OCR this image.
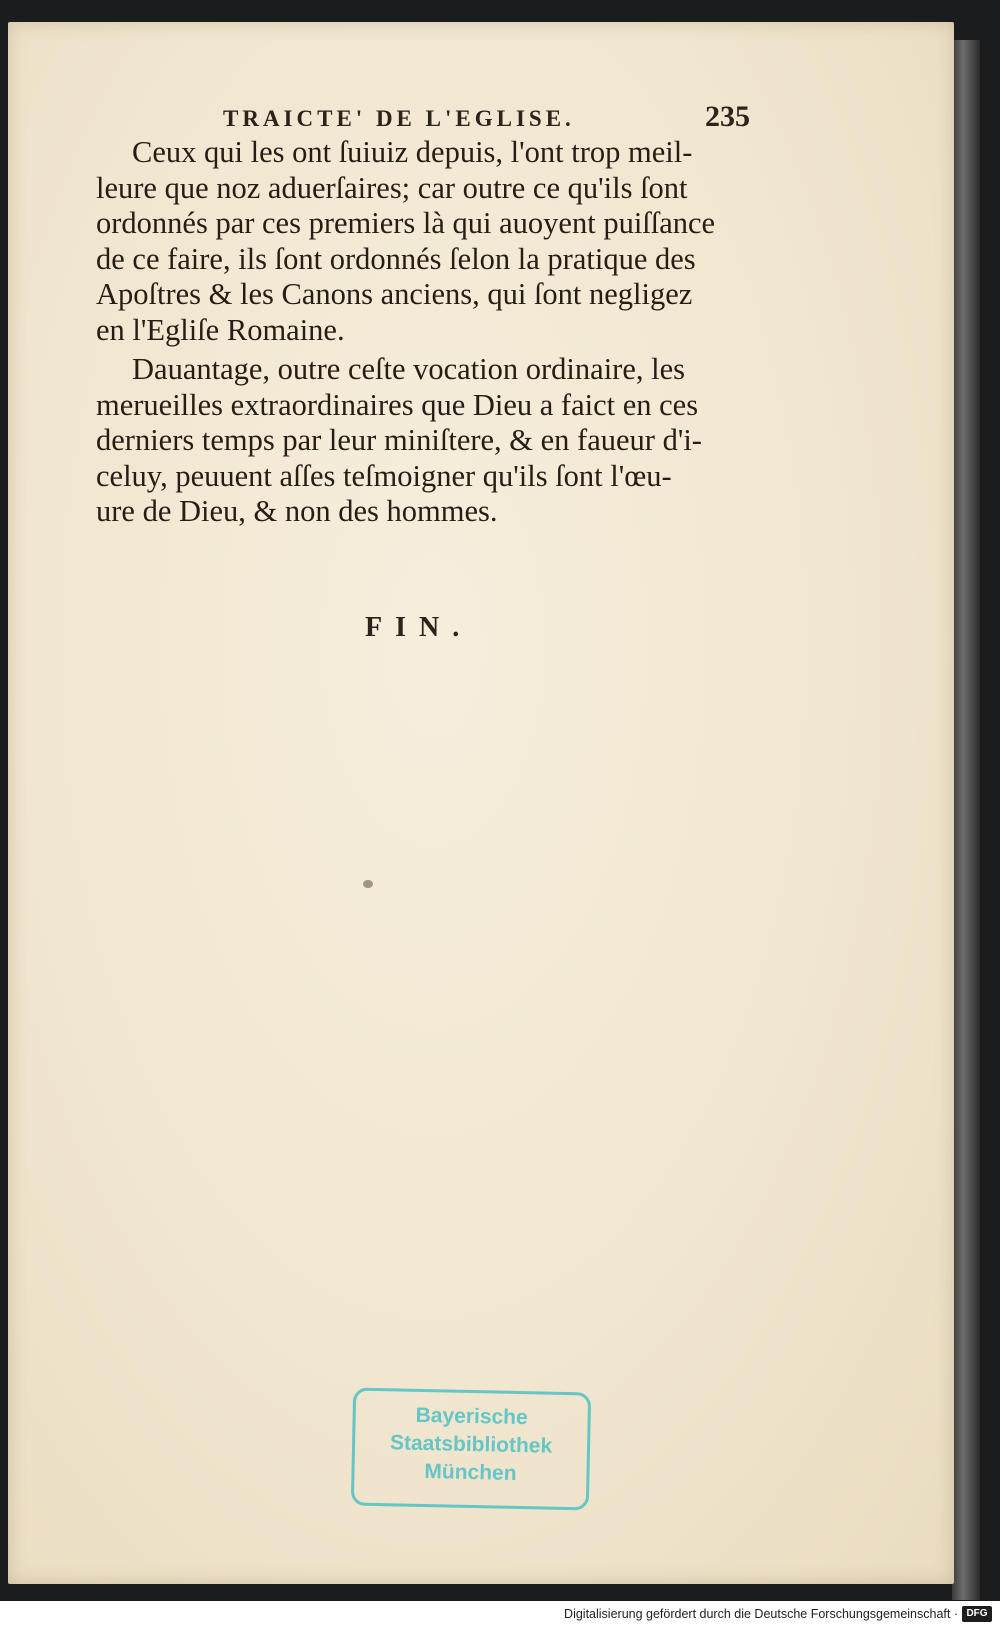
TRAICTE' DE L'EGLISE.	235

Ceux qui les ont ſuiuiz depuis, l'ont trop meil-
leure que noz aduerſaires; car outre ce qu'ils ſont
ordonnés par ces premiers là qui auoyent puiſſance
de ce faire, ils ſont ordonnés ſelon la pratique des
Apoſtres & les Canons anciens, qui ſont negligez
en l'Egliſe Romaine.

Dauantage, outre ceſte vocation ordinaire, les
merueilles extraordinaires que Dieu a faict en ces
derniers temps par leur miniſtere, & en faueur d'i-
celuy, peuuent aſſes teſmoigner qu'ils ſont l'œu-
ure de Dieu, & non des hommes.

FIN.
Bayerische
Staatsbibliothek
München
Digitalisierung gefördert durch die Deutsche Forschungsgemeinschaft · DFG
